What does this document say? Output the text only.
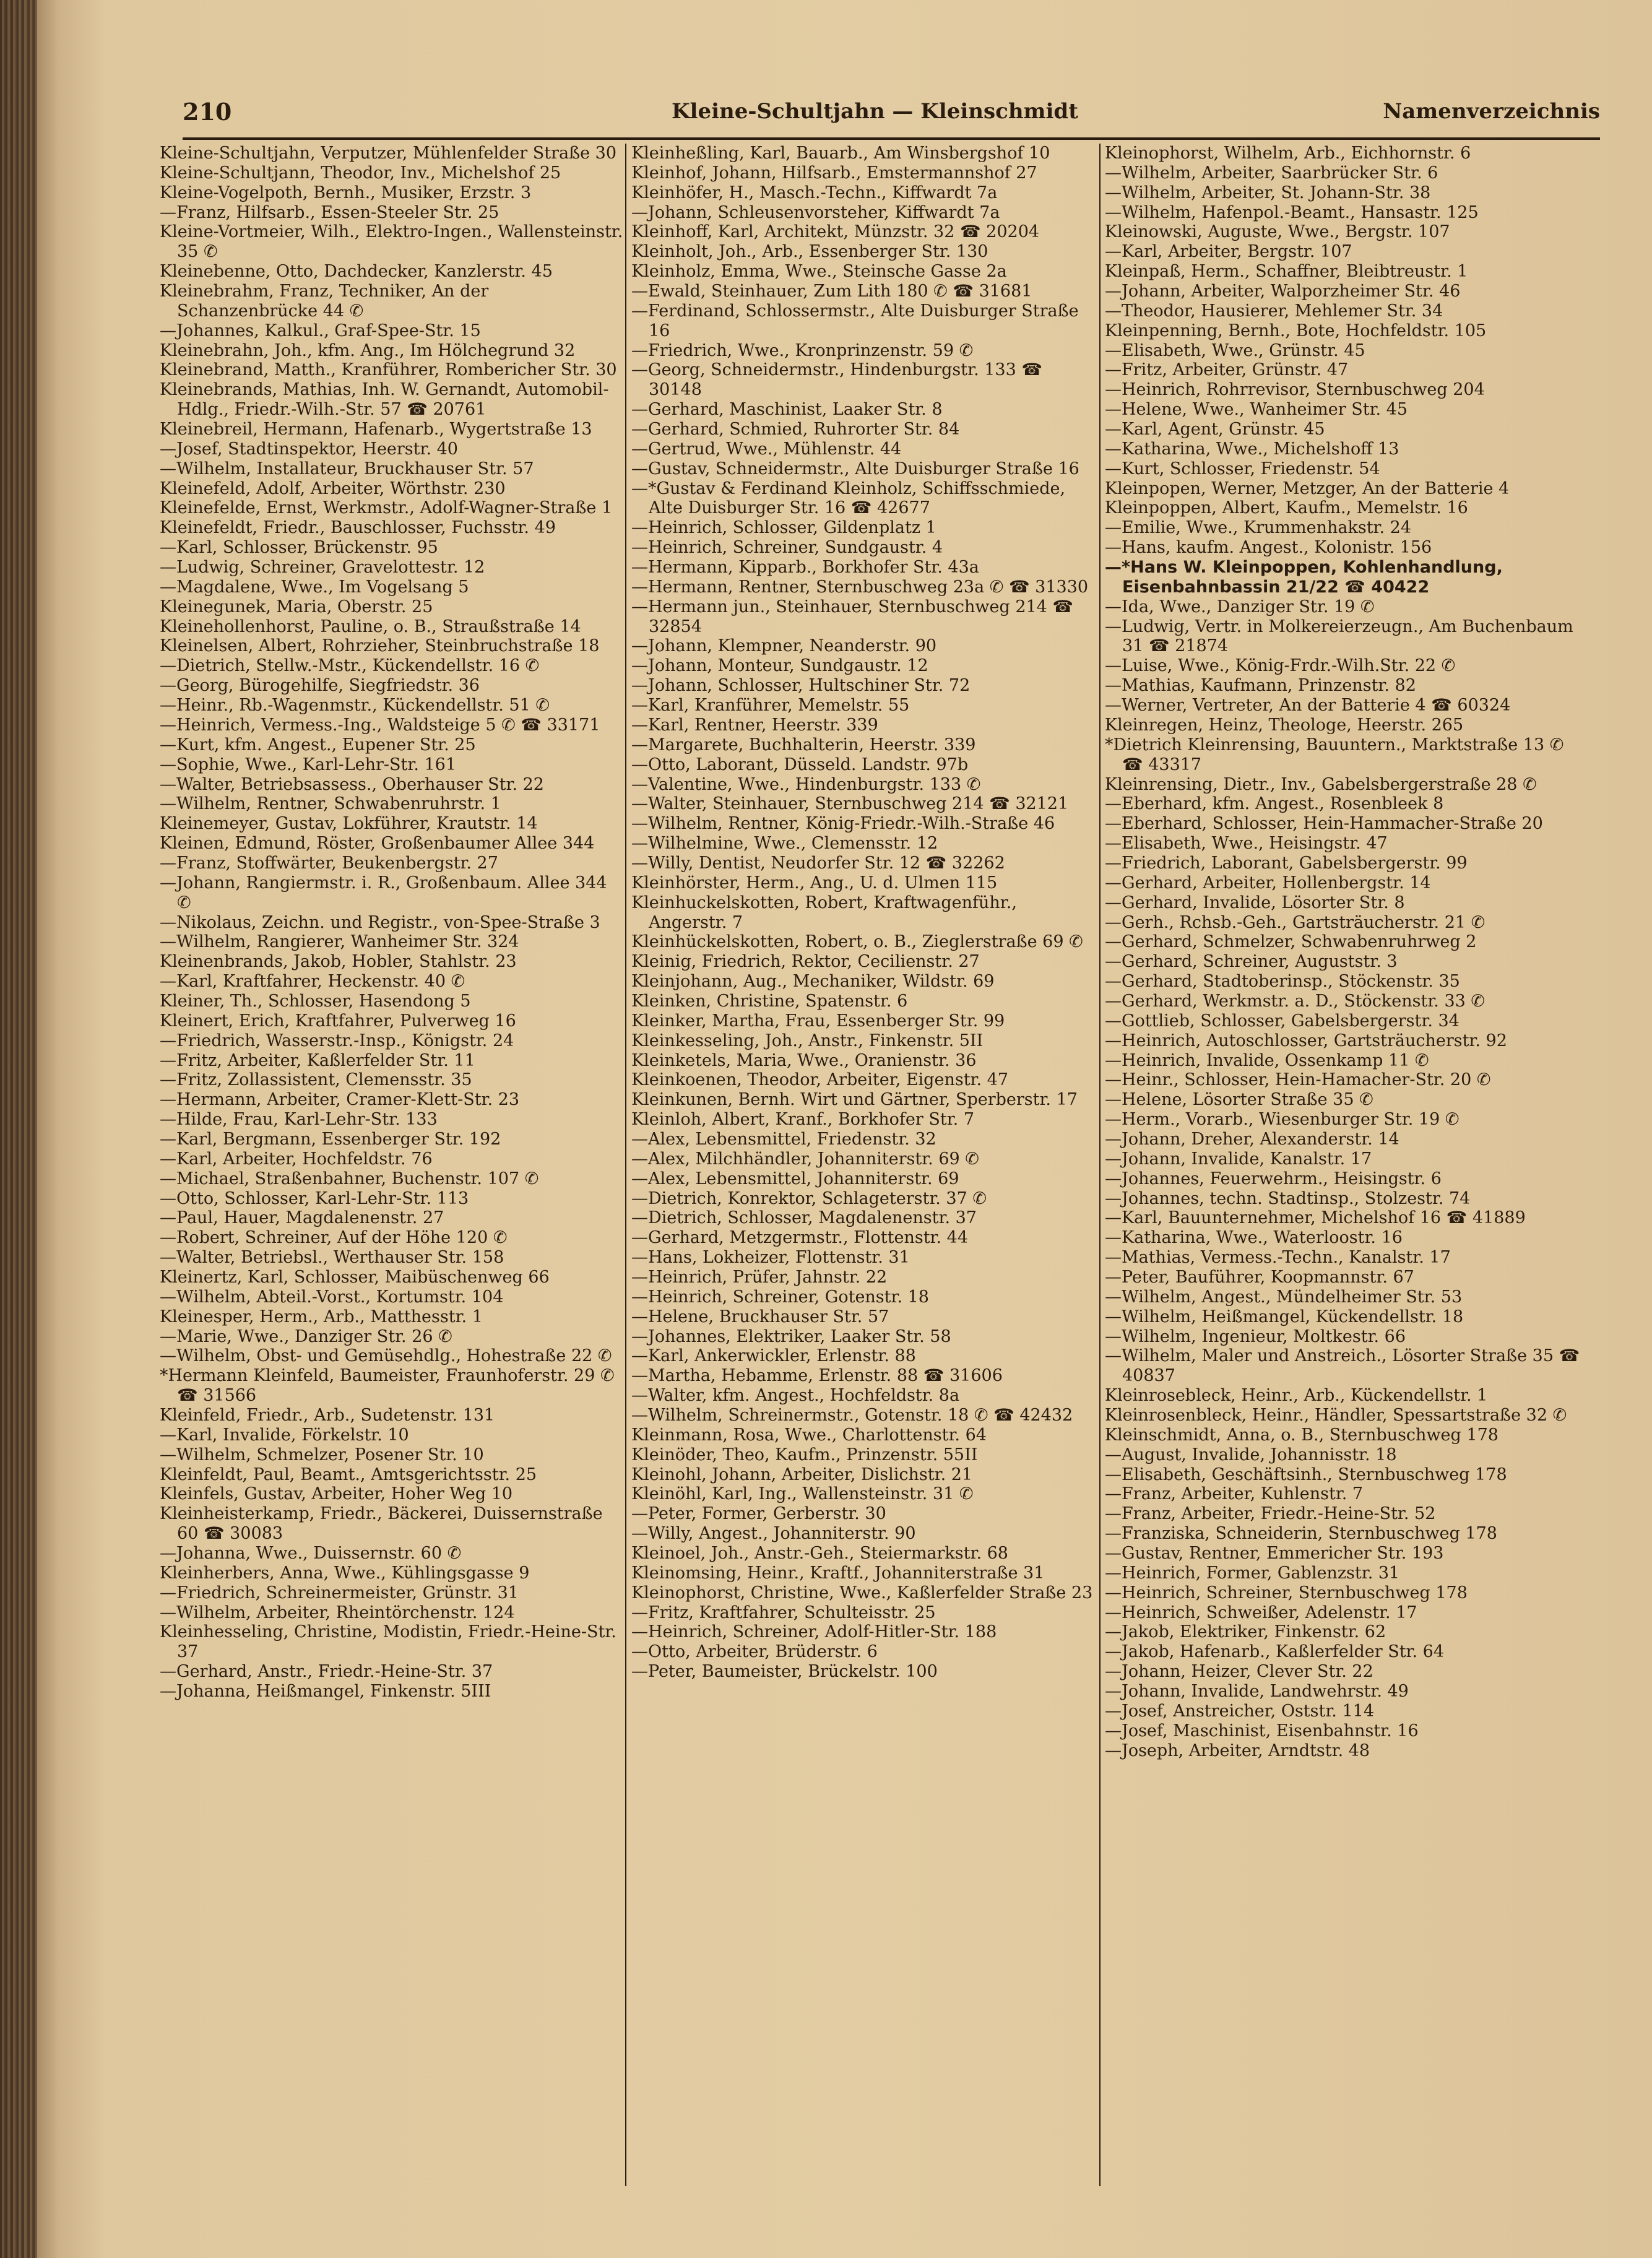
210	Kleine-Schultjahn — Kleinschmidt	Namenverzeichnis

Kleine-Schultjahn, Verputzer, Mühlenfelder Straße 30

Kleine-Schultjann, Theodor, Inv., Michelshof 25

Kleine-Vogelpoth, Bernh., Musiker, Erzstr. 3

—Franz, Hilfsarb., Essen-Steeler Str. 25

Kleine-Vortmeier, Wilh., Elektro-Ingen., Wallensteinstr. 35 ✆

Kleinebenne, Otto, Dachdecker, Kanzlerstr. 45

Kleinebrahm, Franz, Techniker, An der Schanzenbrücke 44 ✆

—Johannes, Kalkul., Graf-Spee-Str. 15

Kleinebrahn, Joh., kfm. Ang., Im Hölchegrund 32

Kleinebrand, Matth., Kranführer, Rombericher Str. 30

Kleinebrands, Mathias, Inh. W. Gernandt, Automobil-Hdlg., Friedr.-Wilh.-Str. 57 ☎ 20761

Kleinebreil, Hermann, Hafenarb., Wygertstraße 13

—Josef, Stadtinspektor, Heerstr. 40

—Wilhelm, Installateur, Bruckhauser Str. 57

Kleinefeld, Adolf, Arbeiter, Wörthstr. 230

Kleinefelde, Ernst, Werkmstr., Adolf-Wagner-Straße 1

Kleinefeldt, Friedr., Bauschlosser, Fuchsstr. 49

—Karl, Schlosser, Brückenstr. 95

—Ludwig, Schreiner, Gravelottestr. 12

—Magdalene, Wwe., Im Vogelsang 5

Kleinegunek, Maria, Oberstr. 25

Kleinehollenhorst, Pauline, o. B., Straußstraße 14

Kleinelsen, Albert, Rohrzieher, Steinbruchstraße 18

—Dietrich, Stellw.-Mstr., Kückendellstr. 16 ✆

—Georg, Bürogehilfe, Siegfriedstr. 36

—Heinr., Rb.-Wagenmstr., Kückendellstr. 51 ✆

—Heinrich, Vermess.-Ing., Waldsteige 5 ✆ ☎ 33171

—Kurt, kfm. Angest., Eupener Str. 25

—Sophie, Wwe., Karl-Lehr-Str. 161

—Walter, Betriebsassess., Oberhauser Str. 22

—Wilhelm, Rentner, Schwabenruhrstr. 1

Kleinemeyer, Gustav, Lokführer, Krautstr. 14

Kleinen, Edmund, Röster, Großenbaumer Allee 344

—Franz, Stoffwärter, Beukenbergstr. 27

—Johann, Rangiermstr. i. R., Großenbaum. Allee 344 ✆

—Nikolaus, Zeichn. und Registr., von-Spee-Straße 3

—Wilhelm, Rangierer, Wanheimer Str. 324

Kleinenbrands, Jakob, Hobler, Stahlstr. 23

—Karl, Kraftfahrer, Heckenstr. 40 ✆

Kleiner, Th., Schlosser, Hasendong 5

Kleinert, Erich, Kraftfahrer, Pulverweg 16

—Friedrich, Wasserstr.-Insp., Königstr. 24

—Fritz, Arbeiter, Kaßlerfelder Str. 11

—Fritz, Zollassistent, Clemensstr. 35

—Hermann, Arbeiter, Cramer-Klett-Str. 23

—Hilde, Frau, Karl-Lehr-Str. 133

—Karl, Bergmann, Essenberger Str. 192

—Karl, Arbeiter, Hochfeldstr. 76

—Michael, Straßenbahner, Buchenstr. 107 ✆

—Otto, Schlosser, Karl-Lehr-Str. 113

—Paul, Hauer, Magdalenenstr. 27

—Robert, Schreiner, Auf der Höhe 120 ✆

—Walter, Betriebsl., Werthauser Str. 158

Kleinertz, Karl, Schlosser, Maibüschenweg 66

—Wilhelm, Abteil.-Vorst., Kortumstr. 104

Kleinesper, Herm., Arb., Matthesstr. 1

—Marie, Wwe., Danziger Str. 26 ✆

—Wilhelm, Obst- und Gemüsehdlg., Hohestraße 22 ✆

*Hermann Kleinfeld, Baumeister, Fraunhoferstr. 29 ✆ ☎ 31566

Kleinfeld, Friedr., Arb., Sudetenstr. 131

—Karl, Invalide, Förkelstr. 10

—Wilhelm, Schmelzer, Posener Str. 10

Kleinfeldt, Paul, Beamt., Amtsgerichtsstr. 25

Kleinfels, Gustav, Arbeiter, Hoher Weg 10

Kleinheisterkamp, Friedr., Bäckerei, Duissernstraße 60 ☎ 30083

—Johanna, Wwe., Duissernstr. 60 ✆

Kleinherbers, Anna, Wwe., Kühlingsgasse 9

—Friedrich, Schreinermeister, Grünstr. 31

—Wilhelm, Arbeiter, Rheintörchenstr. 124

Kleinhesseling, Christine, Modistin, Friedr.-Heine-Str. 37

—Gerhard, Anstr., Friedr.-Heine-Str. 37

—Johanna, Heißmangel, Finkenstr. 5III

Kleinheßling, Karl, Bauarb., Am Winsbergshof 10

Kleinhof, Johann, Hilfsarb., Emstermannshof 27

Kleinhöfer, H., Masch.-Techn., Kiffwardt 7a

—Johann, Schleusenvorsteher, Kiffwardt 7a

Kleinhoff, Karl, Architekt, Münzstr. 32 ☎ 20204

Kleinholt, Joh., Arb., Essenberger Str. 130

Kleinholz, Emma, Wwe., Steinsche Gasse 2a

—Ewald, Steinhauer, Zum Lith 180 ✆ ☎ 31681

—Ferdinand, Schlossermstr., Alte Duisburger Straße 16

—Friedrich, Wwe., Kronprinzenstr. 59 ✆

—Georg, Schneidermstr., Hindenburgstr. 133 ☎ 30148

—Gerhard, Maschinist, Laaker Str. 8

—Gerhard, Schmied, Ruhrorter Str. 84

—Gertrud, Wwe., Mühlenstr. 44

—Gustav, Schneidermstr., Alte Duisburger Straße 16

—*Gustav & Ferdinand Kleinholz, Schiffsschmiede, Alte Duisburger Str. 16 ☎ 42677

—Heinrich, Schlosser, Gildenplatz 1

—Heinrich, Schreiner, Sundgaustr. 4

—Hermann, Kipparb., Borkhofer Str. 43a

—Hermann, Rentner, Sternbuschweg 23a ✆ ☎ 31330

—Hermann jun., Steinhauer, Sternbuschweg 214 ☎ 32854

—Johann, Klempner, Neanderstr. 90

—Johann, Monteur, Sundgaustr. 12

—Johann, Schlosser, Hultschiner Str. 72

—Karl, Kranführer, Memelstr. 55

—Karl, Rentner, Heerstr. 339

—Margarete, Buchhalterin, Heerstr. 339

—Otto, Laborant, Düsseld. Landstr. 97b

—Valentine, Wwe., Hindenburgstr. 133 ✆

—Walter, Steinhauer, Sternbuschweg 214 ☎ 32121

—Wilhelm, Rentner, König-Friedr.-Wilh.-Straße 46

—Wilhelmine, Wwe., Clemensstr. 12

—Willy, Dentist, Neudorfer Str. 12 ☎ 32262

Kleinhörster, Herm., Ang., U. d. Ulmen 115

Kleinhuckelskotten, Robert, Kraftwagenführ., Angerstr. 7

Kleinhückelskotten, Robert, o. B., Zieglerstraße 69 ✆

Kleinig, Friedrich, Rektor, Cecilienstr. 27

Kleinjohann, Aug., Mechaniker, Wildstr. 69

Kleinken, Christine, Spatenstr. 6

Kleinker, Martha, Frau, Essenberger Str. 99

Kleinkesseling, Joh., Anstr., Finkenstr. 5II

Kleinketels, Maria, Wwe., Oranienstr. 36

Kleinkoenen, Theodor, Arbeiter, Eigenstr. 47

Kleinkunen, Bernh. Wirt und Gärtner, Sperberstr. 17

Kleinloh, Albert, Kranf., Borkhofer Str. 7

—Alex, Lebensmittel, Friedenstr. 32

—Alex, Milchhändler, Johanniterstr. 69 ✆

—Alex, Lebensmittel, Johanniterstr. 69

—Dietrich, Konrektor, Schlageterstr. 37 ✆

—Dietrich, Schlosser, Magdalenenstr. 37

—Gerhard, Metzgermstr., Flottenstr. 44

—Hans, Lokheizer, Flottenstr. 31

—Heinrich, Prüfer, Jahnstr. 22

—Heinrich, Schreiner, Gotenstr. 18

—Helene, Bruckhauser Str. 57

—Johannes, Elektriker, Laaker Str. 58

—Karl, Ankerwickler, Erlenstr. 88

—Martha, Hebamme, Erlenstr. 88 ☎ 31606

—Walter, kfm. Angest., Hochfeldstr. 8a

—Wilhelm, Schreinermstr., Gotenstr. 18 ✆ ☎ 42432

Kleinmann, Rosa, Wwe., Charlottenstr. 64

Kleinöder, Theo, Kaufm., Prinzenstr. 55II

Kleinohl, Johann, Arbeiter, Dislichstr. 21

Kleinöhl, Karl, Ing., Wallensteinstr. 31 ✆

—Peter, Former, Gerberstr. 30

—Willy, Angest., Johanniterstr. 90

Kleinoel, Joh., Anstr.-Geh., Steiermarkstr. 68

Kleinomsing, Heinr., Kraftf., Johanniterstraße 31

Kleinophorst, Christine, Wwe., Kaßlerfelder Straße 23

—Fritz, Kraftfahrer, Schulteisstr. 25

—Heinrich, Schreiner, Adolf-Hitler-Str. 188

—Otto, Arbeiter, Brüderstr. 6

—Peter, Baumeister, Brückelstr. 100

Kleinophorst, Wilhelm, Arb., Eichhornstr. 6

—Wilhelm, Arbeiter, Saarbrücker Str. 6

—Wilhelm, Arbeiter, St. Johann-Str. 38

—Wilhelm, Hafenpol.-Beamt., Hansastr. 125

Kleinowski, Auguste, Wwe., Bergstr. 107

—Karl, Arbeiter, Bergstr. 107

Kleinpaß, Herm., Schaffner, Bleibtreustr. 1

—Johann, Arbeiter, Walporzheimer Str. 46

—Theodor, Hausierer, Mehlemer Str. 34

Kleinpenning, Bernh., Bote, Hochfeldstr. 105

—Elisabeth, Wwe., Grünstr. 45

—Fritz, Arbeiter, Grünstr. 47

—Heinrich, Rohrrevisor, Sternbuschweg 204

—Helene, Wwe., Wanheimer Str. 45

—Karl, Agent, Grünstr. 45

—Katharina, Wwe., Michelshoff 13

—Kurt, Schlosser, Friedenstr. 54

Kleinpopen, Werner, Metzger, An der Batterie 4

Kleinpoppen, Albert, Kaufm., Memelstr. 16

—Emilie, Wwe., Krummenhakstr. 24

—Hans, kaufm. Angest., Kolonistr. 156

—*Hans W. Kleinpoppen, Kohlenhandlung, Eisenbahnbassin 21/22 ☎ 40422

—Ida, Wwe., Danziger Str. 19 ✆

—Ludwig, Vertr. in Molkereierzeugn., Am Buchenbaum 31 ☎ 21874

—Luise, Wwe., König-Frdr.-Wilh.Str. 22 ✆

—Mathias, Kaufmann, Prinzenstr. 82

—Werner, Vertreter, An der Batterie 4 ☎ 60324

Kleinregen, Heinz, Theologe, Heerstr. 265

*Dietrich Kleinrensing, Bauuntern., Marktstraße 13 ✆ ☎ 43317

Kleinrensing, Dietr., Inv., Gabelsbergerstraße 28 ✆

—Eberhard, kfm. Angest., Rosenbleek 8

—Eberhard, Schlosser, Hein-Hammacher-Straße 20

—Elisabeth, Wwe., Heisingstr. 47

—Friedrich, Laborant, Gabelsbergerstr. 99

—Gerhard, Arbeiter, Hollenbergstr. 14

—Gerhard, Invalide, Lösorter Str. 8

—Gerh., Rchsb.-Geh., Gartsträucherstr. 21 ✆

—Gerhard, Schmelzer, Schwabenruhrweg 2

—Gerhard, Schreiner, Auguststr. 3

—Gerhard, Stadtoberinsp., Stöckenstr. 35

—Gerhard, Werkmstr. a. D., Stöckenstr. 33 ✆

—Gottlieb, Schlosser, Gabelsbergerstr. 34

—Heinrich, Autoschlosser, Gartsträucherstr. 92

—Heinrich, Invalide, Ossenkamp 11 ✆

—Heinr., Schlosser, Hein-Hamacher-Str. 20 ✆

—Helene, Lösorter Straße 35 ✆

—Herm., Vorarb., Wiesenburger Str. 19 ✆

—Johann, Dreher, Alexanderstr. 14

—Johann, Invalide, Kanalstr. 17

—Johannes, Feuerwehrm., Heisingstr. 6

—Johannes, techn. Stadtinsp., Stolzestr. 74

—Karl, Bauunternehmer, Michelshof 16 ☎ 41889

—Katharina, Wwe., Waterloostr. 16

—Mathias, Vermess.-Techn., Kanalstr. 17

—Peter, Bauführer, Koopmannstr. 67

—Wilhelm, Angest., Mündelheimer Str. 53

—Wilhelm, Heißmangel, Kückendellstr. 18

—Wilhelm, Ingenieur, Moltkestr. 66

—Wilhelm, Maler und Anstreich., Lösorter Straße 35 ☎ 40837

Kleinrosebleck, Heinr., Arb., Kückendellstr. 1

Kleinrosenbleck, Heinr., Händler, Spessartstraße 32 ✆

Kleinschmidt, Anna, o. B., Sternbuschweg 178

—August, Invalide, Johannisstr. 18

—Elisabeth, Geschäftsinh., Sternbuschweg 178

—Franz, Arbeiter, Kuhlenstr. 7

—Franz, Arbeiter, Friedr.-Heine-Str. 52

—Franziska, Schneiderin, Sternbuschweg 178

—Gustav, Rentner, Emmericher Str. 193

—Heinrich, Former, Gablenzstr. 31

—Heinrich, Schreiner, Sternbuschweg 178

—Heinrich, Schweißer, Adelenstr. 17

—Jakob, Elektriker, Finkenstr. 62

—Jakob, Hafenarb., Kaßlerfelder Str. 64

—Johann, Heizer, Clever Str. 22

—Johann, Invalide, Landwehrstr. 49

—Josef, Anstreicher, Oststr. 114

—Josef, Maschinist, Eisenbahnstr. 16

—Joseph, Arbeiter, Arndtstr. 48
